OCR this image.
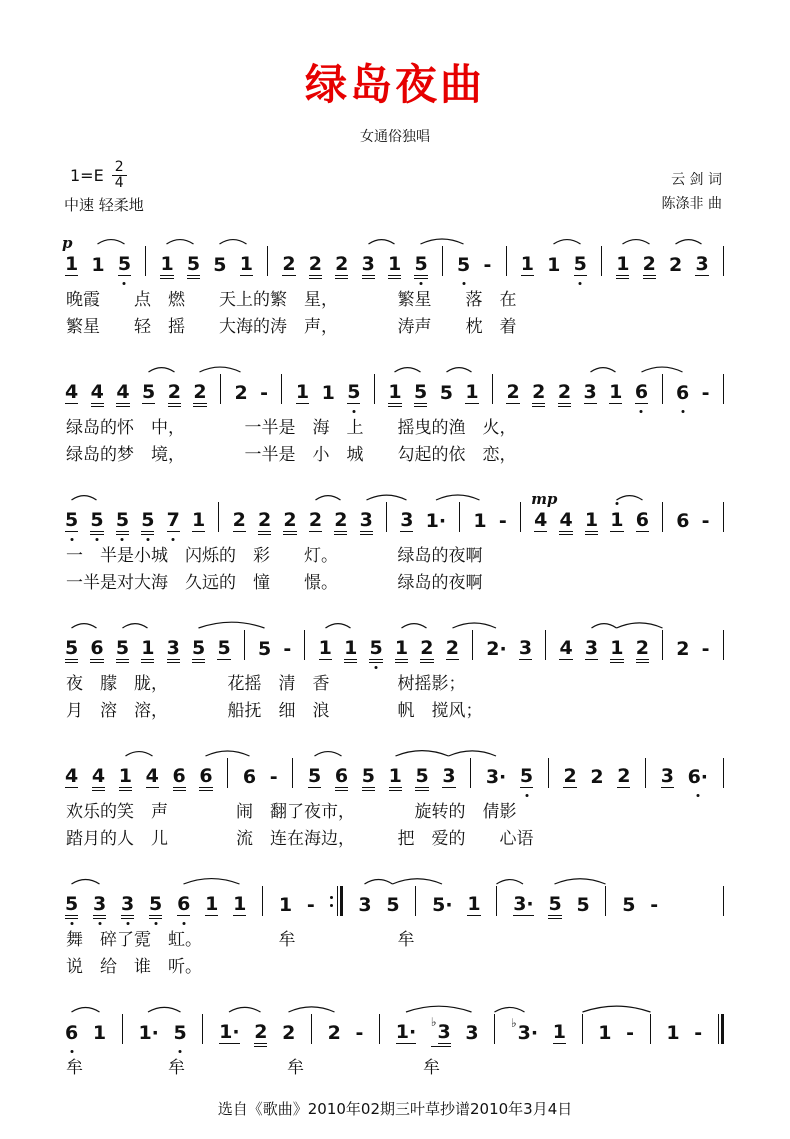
绿岛夜曲
女通俗独唱
$1=E \frac{2}{4}$
中速 轻柔地
云 剑 词
陈涤非 曲
p
1 1 5 1 5 5 1 2 2 2 3 1 5 5 - 1 1 5 1 2 2 3
晚霞　　点　燃　　天上的繁　星，　　　　繁星　　落　在
繁星　　轻　摇　　大海的涛　声，　　　　涛声　　枕　着
4 4 4 5 2 2 2 - 1 1 5 1 5 5 1 2 2 2 3 1 6 6 -
绿岛的怀　中，　　　　一半是　海　上　　摇曳的渔　火，
绿岛的梦　境，　　　　一半是　小　城　　勾起的依　恋，
5 5 5 5 7 1 2 2 2 2 2 3 3 1· 1 -
mp
4 4 1 1 6 6 -
一　半是小城　闪烁的　彩　　灯。　　　　绿岛的夜啊
一半是对大海　久远的　憧　　憬。　　　　绿岛的夜啊
5 6 5 1 3 5 5 5 - 1 1 5 1 2 2 2· 3 4 3 1 2 2 -
夜　朦　胧，　　　　花摇　清　香　　　　树摇影；
月　溶　溶，　　　　船抚　细　浪　　　　帆　搅风；
4 4 1 4 6 6 6 - 5 6 5 1 5 3 3· 5 2 2 2 3 6·
欢乐的笑　声　　　　闹　翻了夜市，　　　　旋转的　倩影
踏月的人　儿　　　　流　连在海边，　　　把　爱的　　心语
5 3 3 5 6 1 1 1 - 3 5 5· 1 3· 5 5 5 -
舞　碎了霓　虹。　　　　　牟　　　　　　牟
说　给　谁　听。
6 1 1· 5 1· 2 2 2 - 1· ♭ 3 3	♭ 3· 1 1 - 1 -
牟　　　　　牟　　　　　　牟　　　　　　　牟
选自《歌曲》2010年02期三叶草抄谱2010年3月4日
